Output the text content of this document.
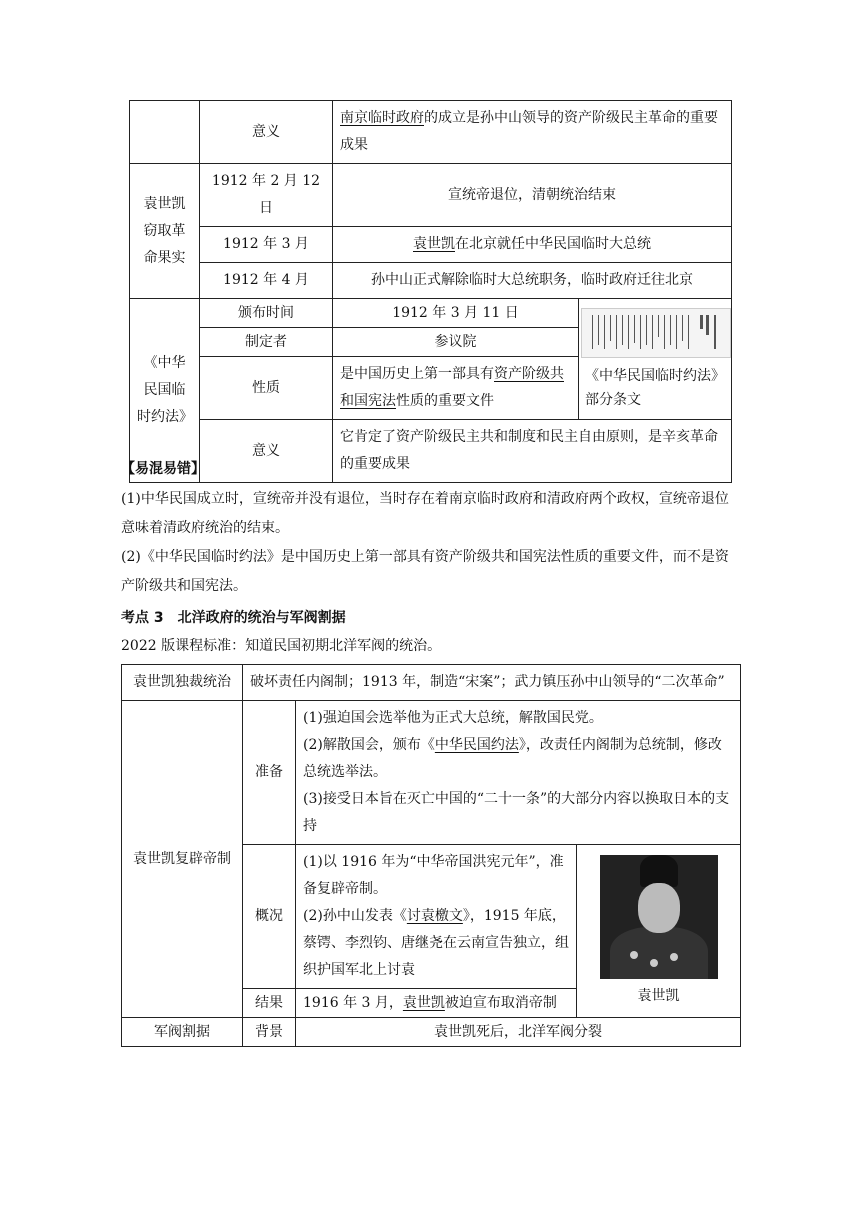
	意义	南京临时政府的成立是孙中山领导的资产阶级民主革命的重要成果	
袁世凯窃取革命果实	1912 年 2 月 12 日	宣统帝退位，清朝统治结束	
	1912 年 3 月	袁世凯在北京就任中华民国临时大总统	
	1912 年 4 月	孙中山正式解除临时大总统职务，临时政府迁往北京	
《中华民国临时约法》	颁布时间	1912 年 3 月 11 日	《中华民国临时约法》部分条文

	制定者	参议院	
	性质	是中国历史上第一部具有资产阶级共和国宪法性质的重要文件	
	意义	它肯定了资产阶级民主共和制度和民主自由原则，是辛亥革命的重要成果	
【易混易错】
(1)中华民国成立时，宣统帝并没有退位，当时存在着南京临时政府和清政府两个政权，宣统帝退位意味着清政府统治的结束。
(2)《中华民国临时约法》是中国历史上第一部具有资产阶级共和国宪法性质的重要文件，而不是资产阶级共和国宪法。
考点 3　北洋政府的统治与军阀割据
2022 版课程标准：知道民国初期北洋军阀的统治。
袁世凯独裁统治	破坏责任内阁制；1913 年，制造“宋案”；武力镇压孙中山领导的“二次革命”		
袁世凯复辟帝制	准备	(1)强迫国会选举他为正式大总统，解散国民党。
(2)解散国会，颁布《中华民国约法》，改责任内阁制为总统制，修改总统选举法。
(3)接受日本旨在灭亡中国的“二十一条”的大部分内容以换取日本的支持	

	概况	(1)以 1916 年为“中华帝国洪宪元年”，准备复辟帝制。
(2)孙中山发表《讨袁檄文》，1915 年底，蔡锷、李烈钧、唐继尧在云南宣告独立，组织护国军北上讨袁	袁世凯

	结果	1916 年 3 月，袁世凯被迫宣布取消帝制	
军阀割据	背景	袁世凯死后，北洋军阀分裂	
